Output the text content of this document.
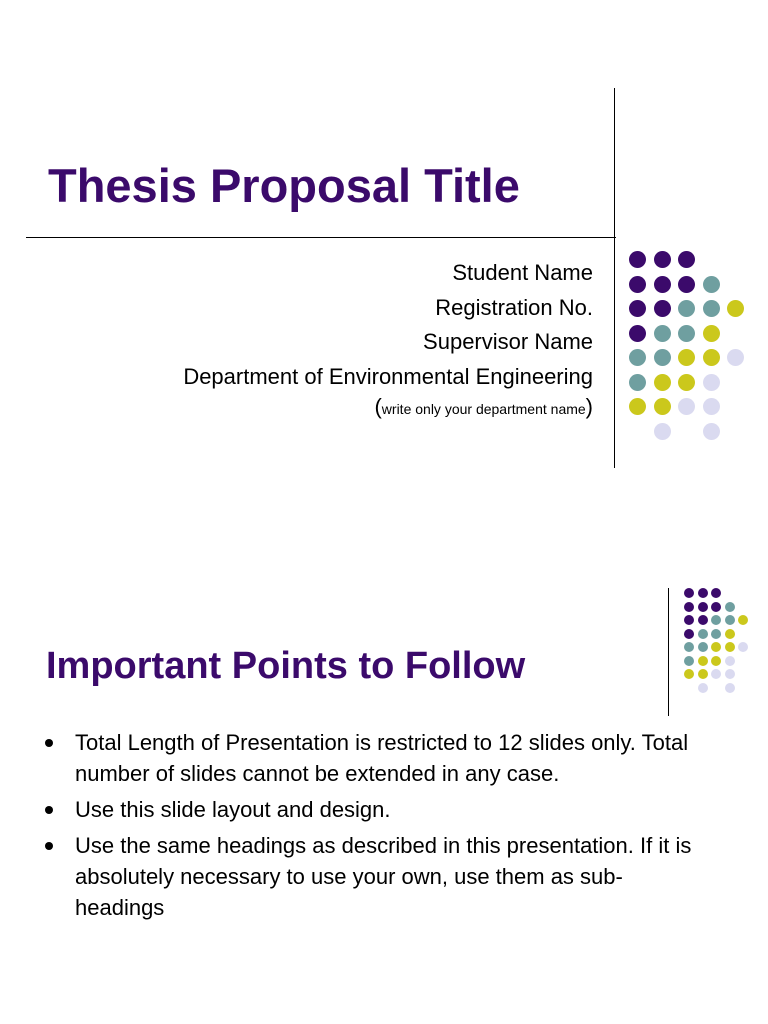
Thesis Proposal Title
Student Name
Registration No.
Supervisor Name
Department of Environmental Engineering
(write only your department name)
Important Points to Follow
Total Length of Presentation is restricted to 12 slides only. Total number of slides cannot be extended in any case.
Use this slide layout and design.
Use the same headings as described in this presentation. If it is absolutely necessary to use your own, use them as sub-headings
